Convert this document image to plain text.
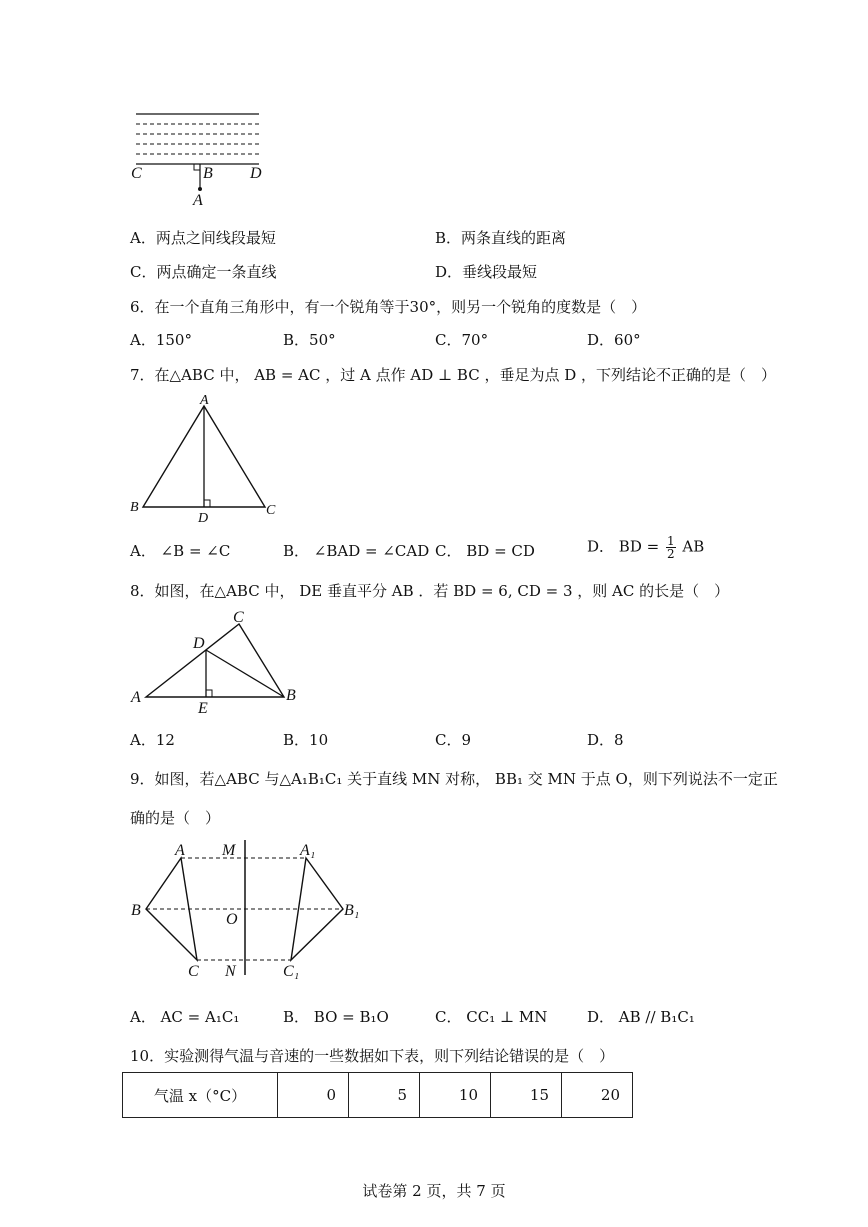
C	B D
A
A．两点之间线段最短	B．两条直线的距离
C．两点确定一条直线	D．垂线段最短
6．在一个直角三角形中，有一个锐角等于30°，则另一个锐角的度数是（　）
A．150°	B．50°	C．70°	D．60°
7．在△ABC 中， AB = AC ，过 A 点作 AD ⊥ BC ，垂足为点 D ，下列结论不正确的是（　）
A
B	C
D
A． ∠B = ∠C	B． ∠BAD = ∠CAD C． BD = CD	D． BD = $\frac{1}{2}$ AB
8．如图，在△ABC 中， DE 垂直平分 AB ．若 BD = 6, CD = 3 ，则 AC 的长是（　）
C
D
A	B
E
A．12	B．10	C．9	D．8
9．如图，若△ABC 与△A₁B₁C₁ 关于直线 MN 对称， BB₁ 交 MN 于点 O，则下列说法不一定正
确的是（　）
A M	A₁
B
O
B₁
C N	C₁
A． AC = A₁C₁	B． BO = B₁O	C． CC₁ ⊥ MN	D． AB // B₁C₁
10．实验测得气温与音速的一些数据如下表，则下列结论错误的是（　）
气温 x（°C）	0	5	10	15	20
试卷第 2 页，共 7 页
